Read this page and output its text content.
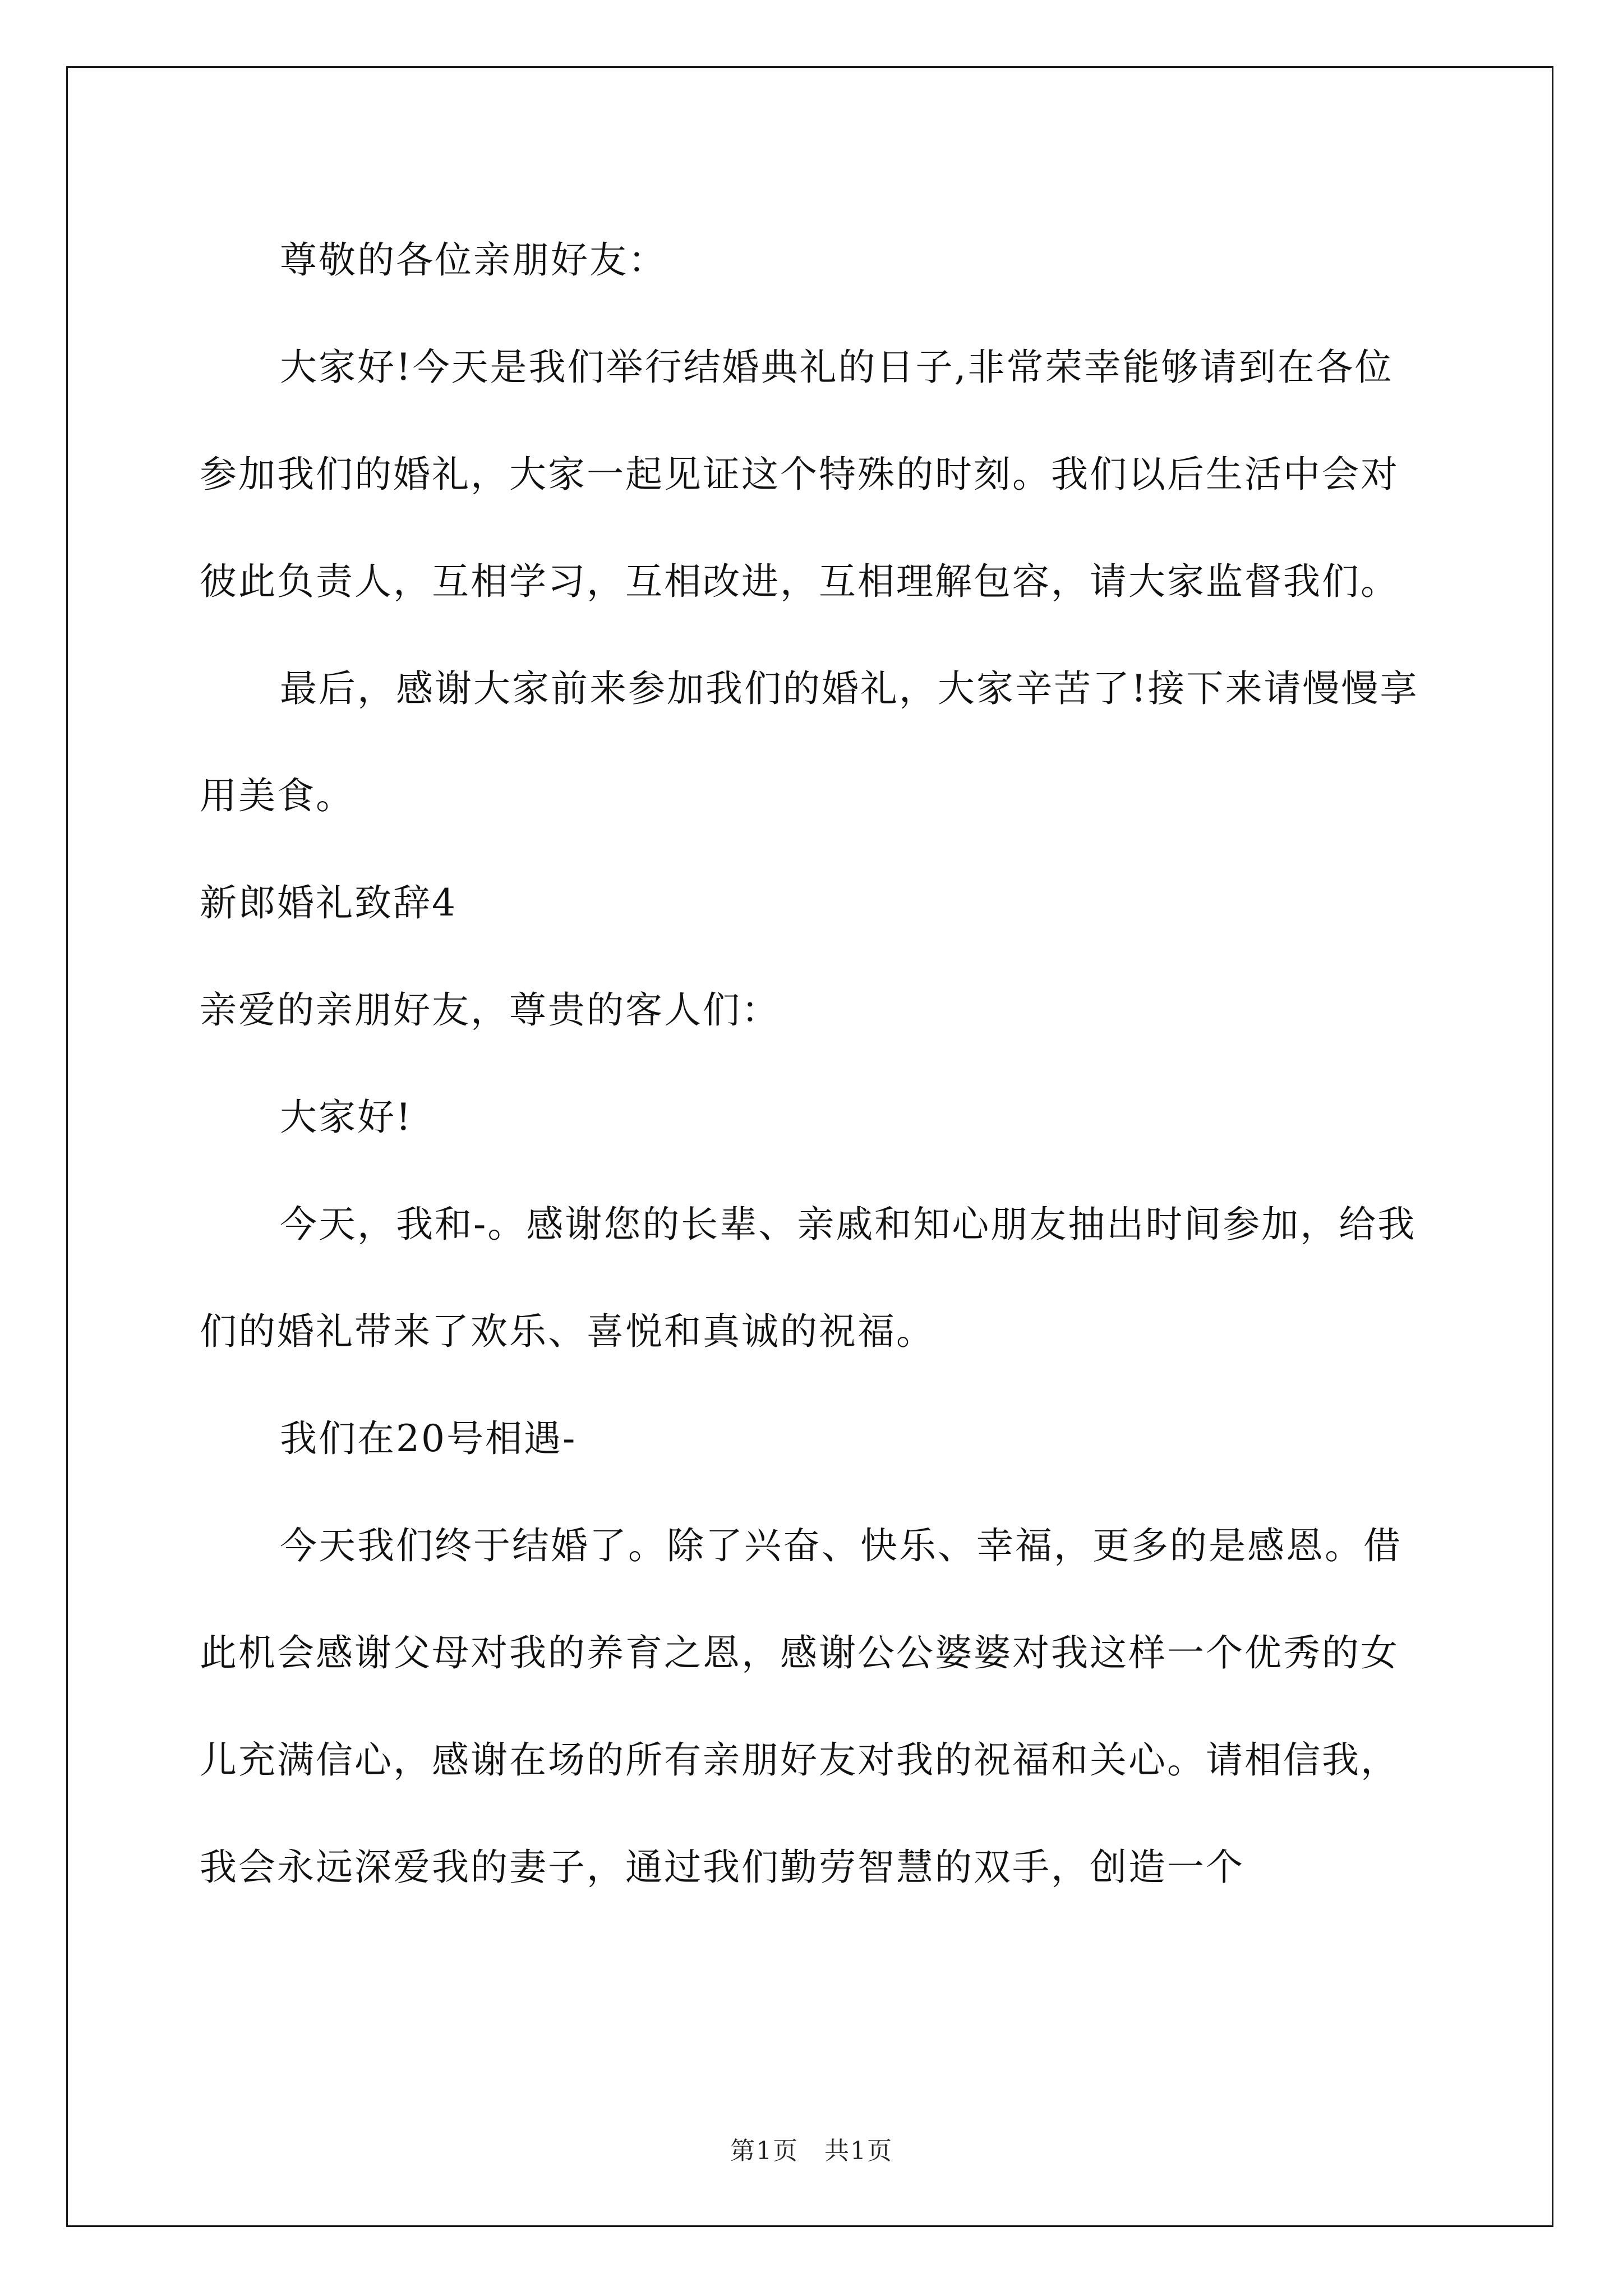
尊敬的各位亲朋好友：

大家好!今天是我们举行结婚典礼的日子,非常荣幸能够请到在各位参加我们的婚礼，大家一起见证这个特殊的时刻。我们以后生活中会对彼此负责人，互相学习，互相改进，互相理解包容，请大家监督我们。

最后，感谢大家前来参加我们的婚礼，大家辛苦了!接下来请慢慢享用美食。

新郎婚礼致辞4

亲爱的亲朋好友，尊贵的客人们：

大家好!

今天，我和-。感谢您的长辈、亲戚和知心朋友抽出时间参加，给我们的婚礼带来了欢乐、喜悦和真诚的祝福。

我们在20号相遇-

今天我们终于结婚了。除了兴奋、快乐、幸福，更多的是感恩。借此机会感谢父母对我的养育之恩，感谢公公婆婆对我这样一个优秀的女儿充满信心，感谢在场的所有亲朋好友对我的祝福和关心。请相信我，我会永远深爱我的妻子，通过我们勤劳智慧的双手，创造一个

第1页　共1页
